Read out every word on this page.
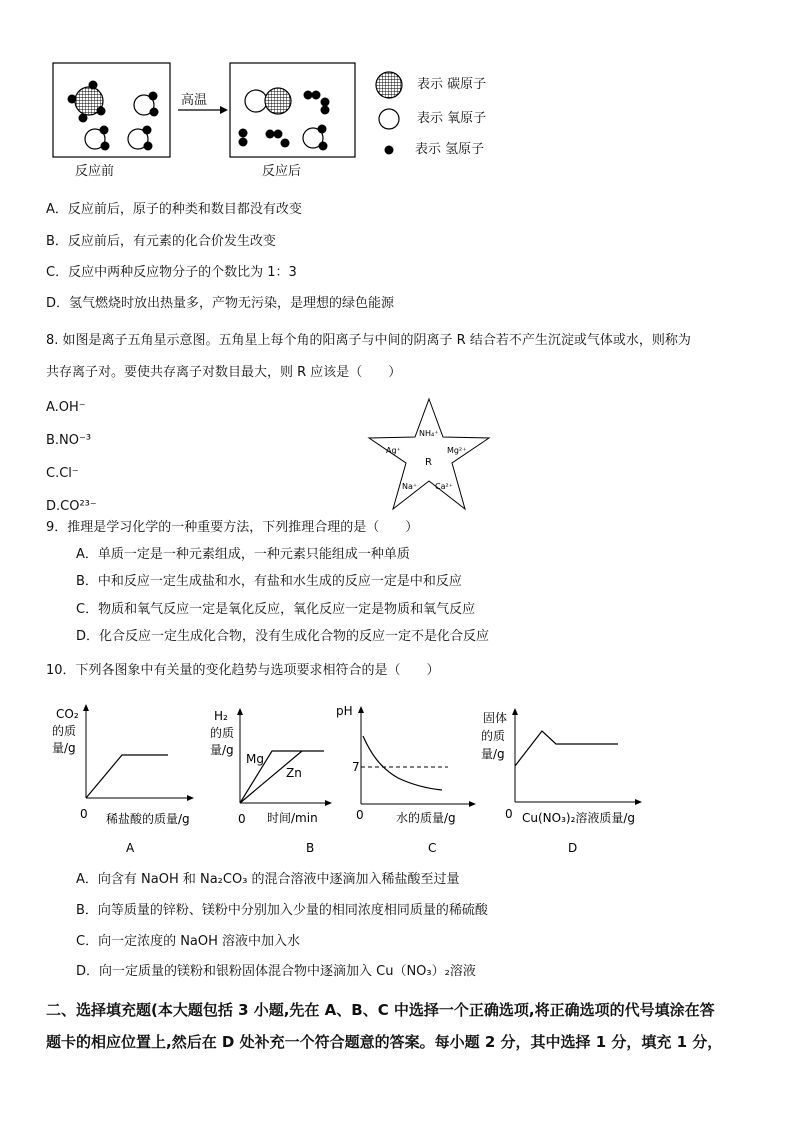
高温
反应前	反应后
表示 碳原子
表示 氧原子
表示 氢原子
A．反应前后，原子的种类和数目都没有改变
B．反应前后，有元素的化合价发生改变
C．反应中两种反应物分子的个数比为 1：3
D．氢气燃烧时放出热量多，产物无污染，是理想的绿色能源
8. 如图是离子五角星示意图。五角星上每个角的阳离子与中间的阴离子 R 结合若不产生沉淀或气体或水，则称为
共存离子对。要使共存离子对数目最大，则 R 应该是（　　）
A.OH⁻
B.NO⁻³
C.Cl⁻
D.CO²³⁻
NH₄⁺
Ag⁺	Mg²⁺
R
Na⁺ Ca²⁺
9．推理是学习化学的一种重要方法，下列推理合理的是（　　）
A．单质一定是一种元素组成，一种元素只能组成一种单质
B．中和反应一定生成盐和水，有盐和水生成的反应一定是中和反应
C．物质和氧气反应一定是氧化反应，氧化反应一定是物质和氧气反应
D．化合反应一定生成化合物，没有生成化合物的反应一定不是化合反应
10．下列各图象中有关量的变化趋势与选项要求相符合的是（　　）
CO₂
的质
量/g
0 稀盐酸的质量/g
A
H₂
的质
量/g
Mg
Zn
0 时间/min
B
pH
7
0	水的质量/g
C
固体
的质
量/g
0 Cu(NO₃)₂溶液质量/g
D
A．向含有 NaOH 和 Na₂CO₃ 的混合溶液中逐滴加入稀盐酸至过量
B．向等质量的锌粉、镁粉中分别加入少量的相同浓度相同质量的稀硫酸
C．向一定浓度的 NaOH 溶液中加入水
D．向一定质量的镁粉和银粉固体混合物中逐滴加入 Cu（NO₃）₂溶液
二、选择填充题(本大题包括 3 小题,先在 A、B、C 中选择一个正确选项,将正确选项的代号填涂在答
题卡的相应位置上,然后在 D 处补充一个符合题意的答案。每小题 2 分，其中选择 1 分，填充 1 分，
